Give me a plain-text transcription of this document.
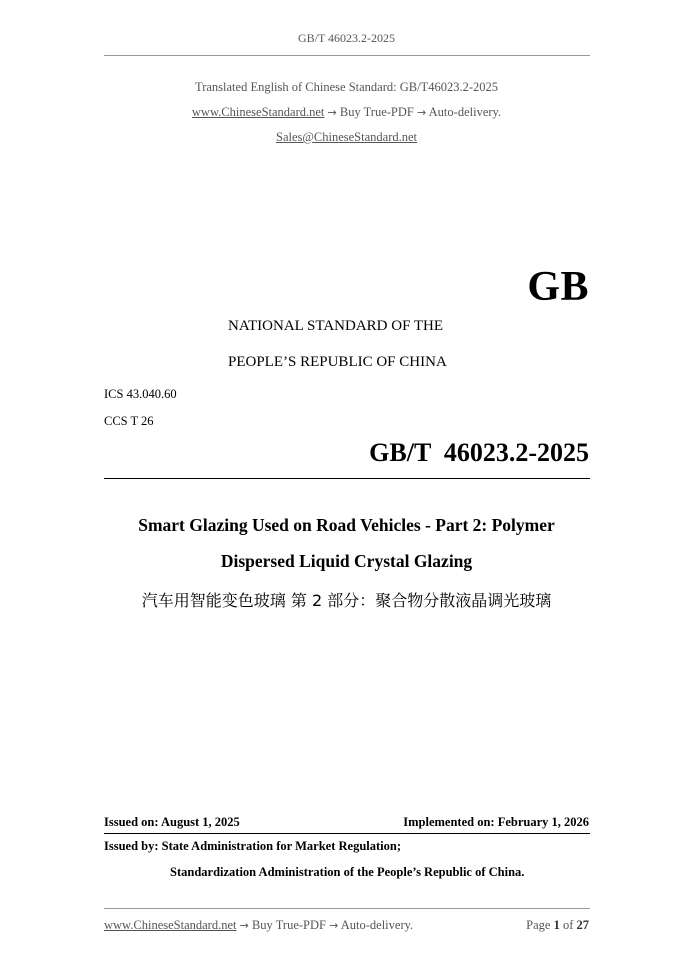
GB/T 46023.2-2025
Translated English of Chinese Standard: GB/T46023.2-2025
www.ChineseStandard.net → Buy True-PDF → Auto-delivery.
Sales@ChineseStandard.net
GB
NATIONAL STANDARD OF THE
PEOPLE’S REPUBLIC OF CHINA
ICS 43.040.60
CCS T 26
GB/T  46023.2-2025
Smart Glazing Used on Road Vehicles - Part 2: Polymer
Dispersed Liquid Crystal Glazing
汽车用智能变色玻璃 第 2 部分：聚合物分散液晶调光玻璃
Issued on: August 1, 2025	Implemented on: February 1, 2026
Issued by: State Administration for Market Regulation;
Standardization Administration of the People’s Republic of China.
www.ChineseStandard.net → Buy True-PDF → Auto-delivery.	Page 1 of 27
